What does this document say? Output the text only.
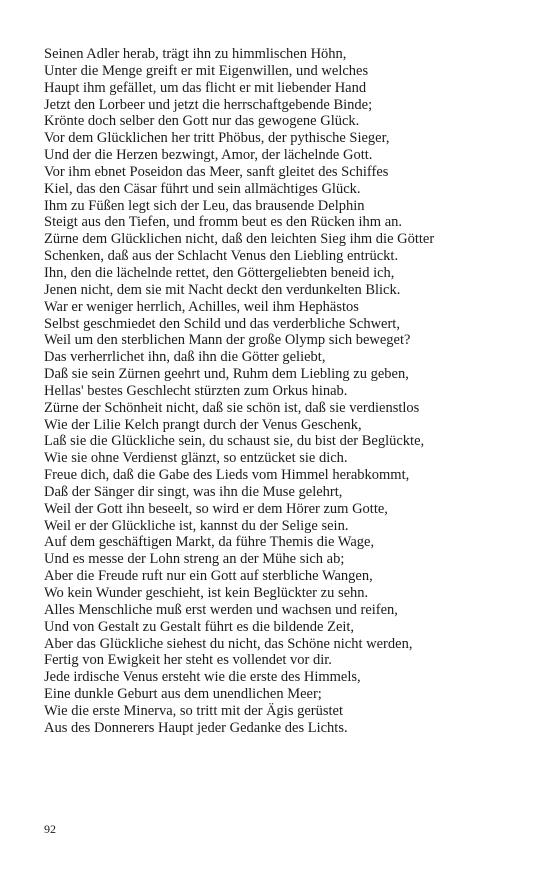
Seinen Adler herab, trägt ihn zu himmlischen Höhn,
Unter die Menge greift er mit Eigenwillen, und welches
Haupt ihm gefället, um das flicht er mit liebender Hand
Jetzt den Lorbeer und jetzt die herrschaftgebende Binde;
Krönte doch selber den Gott nur das gewogene Glück.
Vor dem Glücklichen her tritt Phöbus, der pythische Sieger,
Und der die Herzen bezwingt, Amor, der lächelnde Gott.
Vor ihm ebnet Poseidon das Meer, sanft gleitet des Schiffes
Kiel, das den Cäsar führt und sein allmächtiges Glück.
Ihm zu Füßen legt sich der Leu, das brausende Delphin
Steigt aus den Tiefen, und fromm beut es den Rücken ihm an.
Zürne dem Glücklichen nicht, daß den leichten Sieg ihm die Götter
Schenken, daß aus der Schlacht Venus den Liebling entrückt.
Ihn, den die lächelnde rettet, den Göttergeliebten beneid ich,
Jenen nicht, dem sie mit Nacht deckt den verdunkelten Blick.
War er weniger herrlich, Achilles, weil ihm Hephästos
Selbst geschmiedet den Schild und das verderbliche Schwert,
Weil um den sterblichen Mann der große Olymp sich beweget?
Das verherrlichet ihn, daß ihn die Götter geliebt,
Daß sie sein Zürnen geehrt und, Ruhm dem Liebling zu geben,
Hellas' bestes Geschlecht stürzten zum Orkus hinab.
Zürne der Schönheit nicht, daß sie schön ist, daß sie verdienstlos
Wie der Lilie Kelch prangt durch der Venus Geschenk,
Laß sie die Glückliche sein, du schaust sie, du bist der Beglückte,
Wie sie ohne Verdienst glänzt, so entzücket sie dich.
Freue dich, daß die Gabe des Lieds vom Himmel herabkommt,
Daß der Sänger dir singt, was ihn die Muse gelehrt,
Weil der Gott ihn beseelt, so wird er dem Hörer zum Gotte,
Weil er der Glückliche ist, kannst du der Selige sein.
Auf dem geschäftigen Markt, da führe Themis die Wage,
Und es messe der Lohn streng an der Mühe sich ab;
Aber die Freude ruft nur ein Gott auf sterbliche Wangen,
Wo kein Wunder geschieht, ist kein Beglückter zu sehn.
Alles Menschliche muß erst werden und wachsen und reifen,
Und von Gestalt zu Gestalt führt es die bildende Zeit,
Aber das Glückliche siehest du nicht, das Schöne nicht werden,
Fertig von Ewigkeit her steht es vollendet vor dir.
Jede irdische Venus ersteht wie die erste des Himmels,
Eine dunkle Geburt aus dem unendlichen Meer;
Wie die erste Minerva, so tritt mit der Ägis gerüstet
Aus des Donnerers Haupt jeder Gedanke des Lichts.
92
